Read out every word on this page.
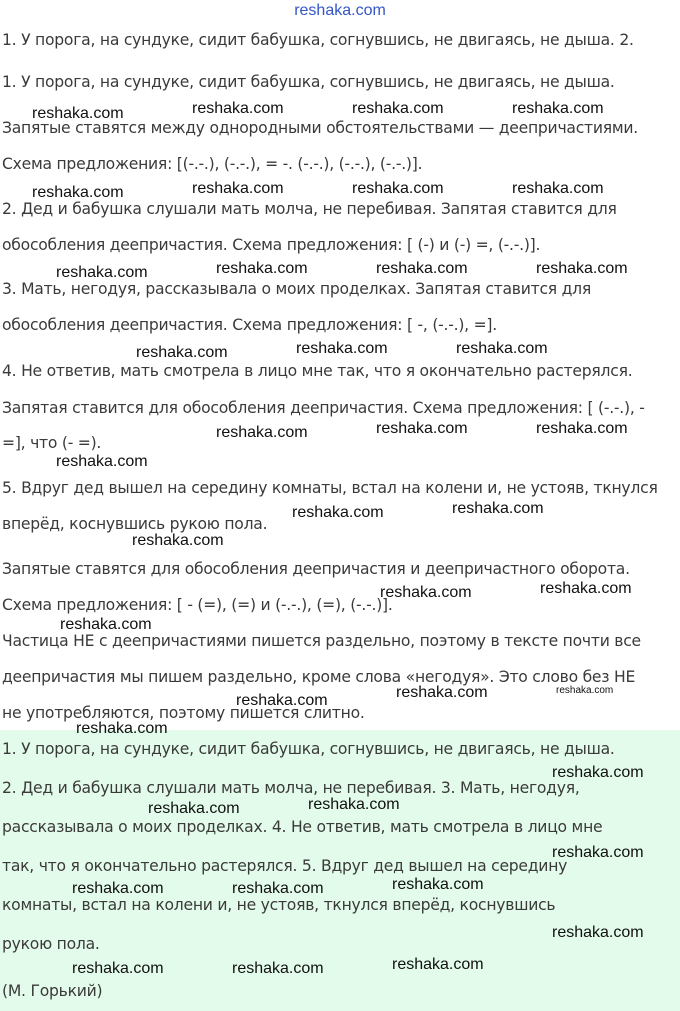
reshaka.com
1. У порога, на сундуке, сидит бабушка, согнувшись, не двигаясь, не дыша. 2.
1. У порога, на сундуке, сидит бабушка, согнувшись, не двигаясь, не дыша.
Запятые ставятся между однородными обстоятельствами — деепричастиями.
Схема предложения: [(-.-.), (-.-.), = -. (-.-.), (-.-.), (-.-.)].
2. Дед и бабушка слушали мать молча, не перебивая. Запятая ставится для
обособления деепричастия. Схема предложения: [ (-) и (-) =, (-.-.)].
3. Мать, негодуя, рассказывала о моих проделках. Запятая ставится для
обособления деепричастия. Схема предложения: [ -, (-.-.), =].
4. Не ответив, мать смотрела в лицо мне так, что я окончательно растерялся.
Запятая ставится для обособления деепричастия. Схема предложения: [ (-.-.), -
=], что (- =).
5. Вдруг дед вышел на середину комнаты, встал на колени и, не устояв, ткнулся
вперёд, коснувшись рукою пола.
Запятые ставятся для обособления деепричастия и деепричастного оборота.
Схема предложения: [ - (=), (=) и (-.-.), (=), (-.-.)].
Частица НЕ с деепричастиями пишется раздельно, поэтому в тексте почти все
деепричастия мы пишем раздельно, кроме слова «негодуя». Это слово без НЕ
не употребляются, поэтому пишется слитно.
1. У порога, на сундуке, сидит бабушка, согнувшись, не двигаясь, не дыша.
2. Дед и бабушка слушали мать молча, не перебивая. 3. Мать, негодуя,
рассказывала о моих проделках. 4. Не ответив, мать смотрела в лицо мне
так, что я окончательно растерялся. 5. Вдруг дед вышел на середину
комнаты, встал на колени и, не устояв, ткнулся вперёд, коснувшись
рукою пола.
(М. Горький)
reshaka.com	reshaka.com	reshaka.com	reshaka.com
reshaka.com	reshaka.com	reshaka.com	reshaka.com
reshaka.com	reshaka.com	reshaka.com	reshaka.com
reshaka.com	reshaka.com	reshaka.com
reshaka.com	reshaka.com	reshaka.com
reshaka.com
reshaka.com	reshaka.com
reshaka.com
reshaka.com	reshaka.com
reshaka.com
reshaka.com	reshaka.com
reshaka.com
reshaka.com
reshaka.com
reshaka.com
reshaka.com
reshaka.com
reshaka.com
reshaka.com	reshaka.com
reshaka.com
reshaka.com
reshaka.com	reshaka.com
